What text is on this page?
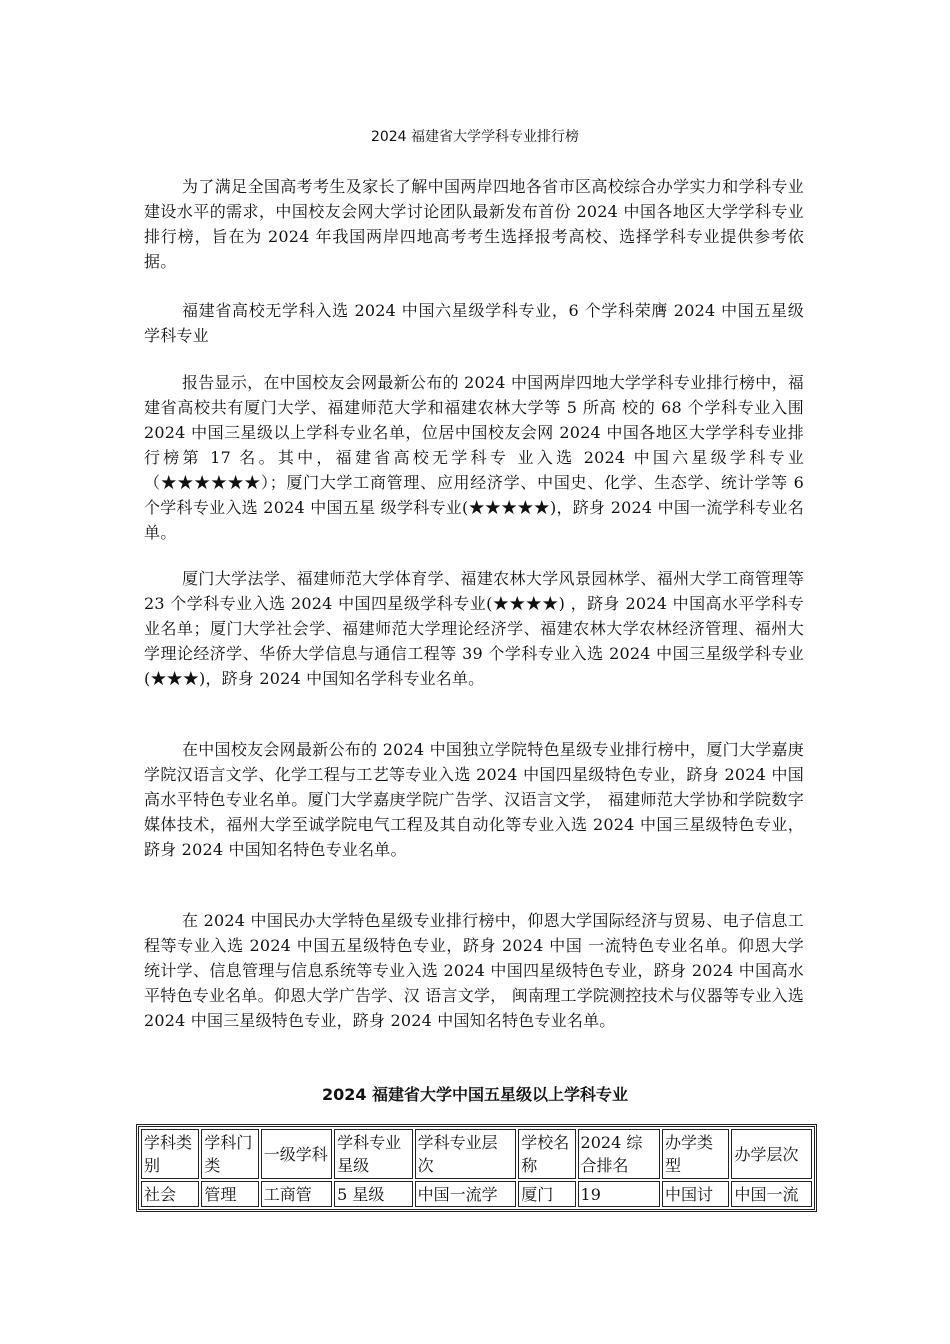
2024 福建省大学学科专业排行榜

为了满足全国高考考生及家长了解中国两岸四地各省市区高校综合办学实力和学科专业建设水平的需求，中国校友会网大学讨论团队最新发布首份 2024 中国各地区大学学科专业排行榜，旨在为 2024 年我国两岸四地高考考生选择报考高校、选择学科专业提供参考依据。

福建省高校无学科入选 2024 中国六星级学科专业，6 个学科荣膺 2024 中国五星级学科专业

报告显示，在中国校友会网最新公布的 2024 中国两岸四地大学学科专业排行榜中，福建省高校共有厦门大学、福建师范大学和福建农林大学等 5 所高 校的 68 个学科专业入围 2024 中国三星级以上学科专业名单，位居中国校友会网 2024 中国各地区大学学科专业排行榜第 17 名。其中，福建省高校无学科专 业入选 2024 中国六星级学科专业 （★★★★★★）；厦门大学工商管理、应用经济学、中国史、化学、生态学、统计学等 6 个学科专业入选 2024 中国五星 级学科专业(★★★★★)，跻身 2024 中国一流学科专业名单。

厦门大学法学、福建师范大学体育学、福建农林大学风景园林学、福州大学工商管理等 23 个学科专业入选 2024 中国四星级学科专业(★★★★) ，跻身 2024 中国高水平学科专业名单；厦门大学社会学、福建师范大学理论经济学、福建农林大学农林经济管理、福州大学理论经济学、华侨大学信息与通信工程等 39 个学科专业入选 2024 中国三星级学科专业(★★★)，跻身 2024 中国知名学科专业名单。

在中国校友会网最新公布的 2024 中国独立学院特色星级专业排行榜中，厦门大学嘉庚学院汉语言文学、化学工程与工艺等专业入选 2024 中国四星级特色专业，跻身 2024 中国高水平特色专业名单。厦门大学嘉庚学院广告学、汉语言文学， 福建师范大学协和学院数字媒体技术，福州大学至诚学院电气工程及其自动化等专业入选 2024 中国三星级特色专业，跻身 2024 中国知名特色专业名单。

在 2024 中国民办大学特色星级专业排行榜中，仰恩大学国际经济与贸易、电子信息工程等专业入选 2024 中国五星级特色专业，跻身 2024 中国 一流特色专业名单。仰恩大学统计学、信息管理与信息系统等专业入选 2024 中国四星级特色专业，跻身 2024 中国高水平特色专业名单。仰恩大学广告学、汉 语言文学， 闽南理工学院测控技术与仪器等专业入选 2024 中国三星级特色专业，跻身 2024 中国知名特色专业名单。

2024 福建省大学中国五星级以上学科专业
学科类别	学科门类	一级学科	学科专业星级	学科专业层次	学校名称	2024 综合排名	办学类型	办学层次
社会	管理	工商管	5 星级	中国一流学	厦门	19	中国讨	中国一流
